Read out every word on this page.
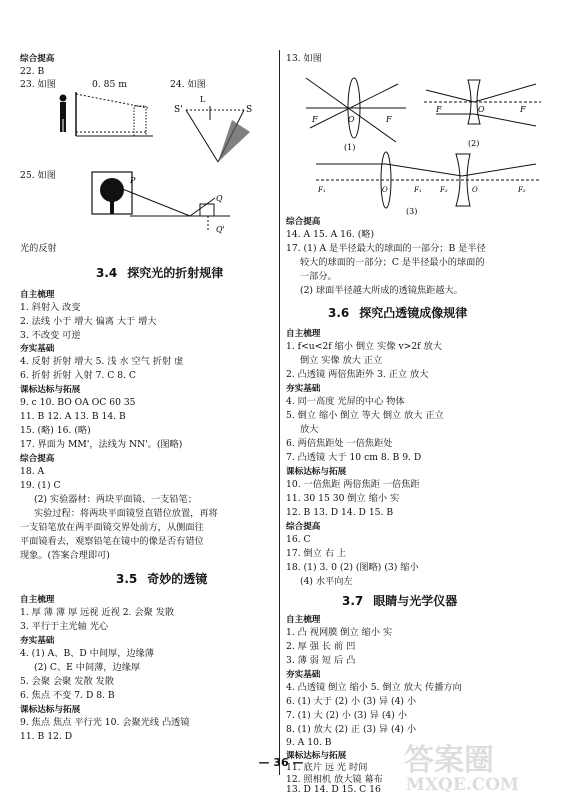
综合提高
22. B
23. 如图	0. 85 m	24. 如图
S'	S
L
25. 如图	P
Q
Q'
光的反射
3.4 探究光的折射规律
自主梳理
1. 斜射入 改变
2. 法线 小于 增大 偏离 大于 增大
3. 不改变 可逆
夯实基础
4. 反射 折射 增大 5. 浅 水 空气 折射 虚
6. 折射 折射 入射 7. C 8. C
课标达标与拓展
9. c 10. BO OA OC 60 35
11. B 12. A 13. B 14. B
15. (略) 16. (略)
17. 界面为 MM'，法线为 NN'。(图略)
综合提高
18. A
19. (1) C
(2) 实验器材：两块平面镜、一支铅笔；
实验过程：将两块平面镜竖直错位放置，再将
一支铅笔放在两平面镜交界处前方，从侧面往
平面镜看去，观察铅笔在镜中的像是否有错位
现象。(答案合理即可)
3.5 奇妙的透镜
自主梳理
1. 厚 薄 薄 厚 远视 近视 2. 会聚 发散
3. 平行于主光轴 光心
夯实基础
4. (1) A、B、D 中间厚，边缘薄
(2) C、E 中间薄，边缘厚
5. 会聚 会聚 发散 发散
6. 焦点 不变 7. D 8. B
课标达标与拓展
9. 焦点 焦点 平行光 10. 会聚光线 凸透镜
11. B 12. D
13. 如图
F	O	F
(1)
F	O	F
(2)
F₁	O	F₁	F₂	O	F₂
(3)
综合提高
14. A 15. A 16. (略)
17. (1) A 是半径最大的球面的一部分；B 是半径
较大的球面的一部分；C 是半径最小的球面的
一部分。
(2) 球面半径越大所成的透镜焦距越大。
3.6 探究凸透镜成像规律
自主梳理
1. f<u<2f 缩小 倒立 实像 v>2f 放大
倒立 实像 放大 正立
2. 凸透镜 两倍焦距外 3. 正立 放大
夯实基础
4. 同一高度 光屏的中心 物体
5. 倒立 缩小 倒立 等大 倒立 放大 正立
放大
6. 两倍焦距处 一倍焦距处
7. 凸透镜 大于 10 cm 8. B 9. D
课标达标与拓展
10. 一倍焦距 两倍焦距 一倍焦距
11. 30 15 30 倒立 缩小 实
12. B 13. D 14. D 15. B
综合提高
16. C
17. 倒立 右 上
18. (1) 3. 0 (2) (图略) (3) 缩小
(4) 水平向左
3.7 眼睛与光学仪器
自主梳理
1. 凸 视网膜 倒立 缩小 实
2. 厚 强 长 前 凹
3. 薄 弱 短 后 凸
夯实基础
4. 凸透镜 倒立 缩小 5. 倒立 放大 传播方向
6. (1) 大于 (2) 小 (3) 异 (4) 小
7. (1) 大 (2) 小 (3) 异 (4) 小
8. (1) 放大 (2) 正 (3) 异 (4) 小
9. A 10. B
课标达标与拓展
11. 底片 远 光 时间
12. 照相机 放大镜 幕布
13. D 14. D 15. C 16
— 36 —	答案圈
MXQE.COM
